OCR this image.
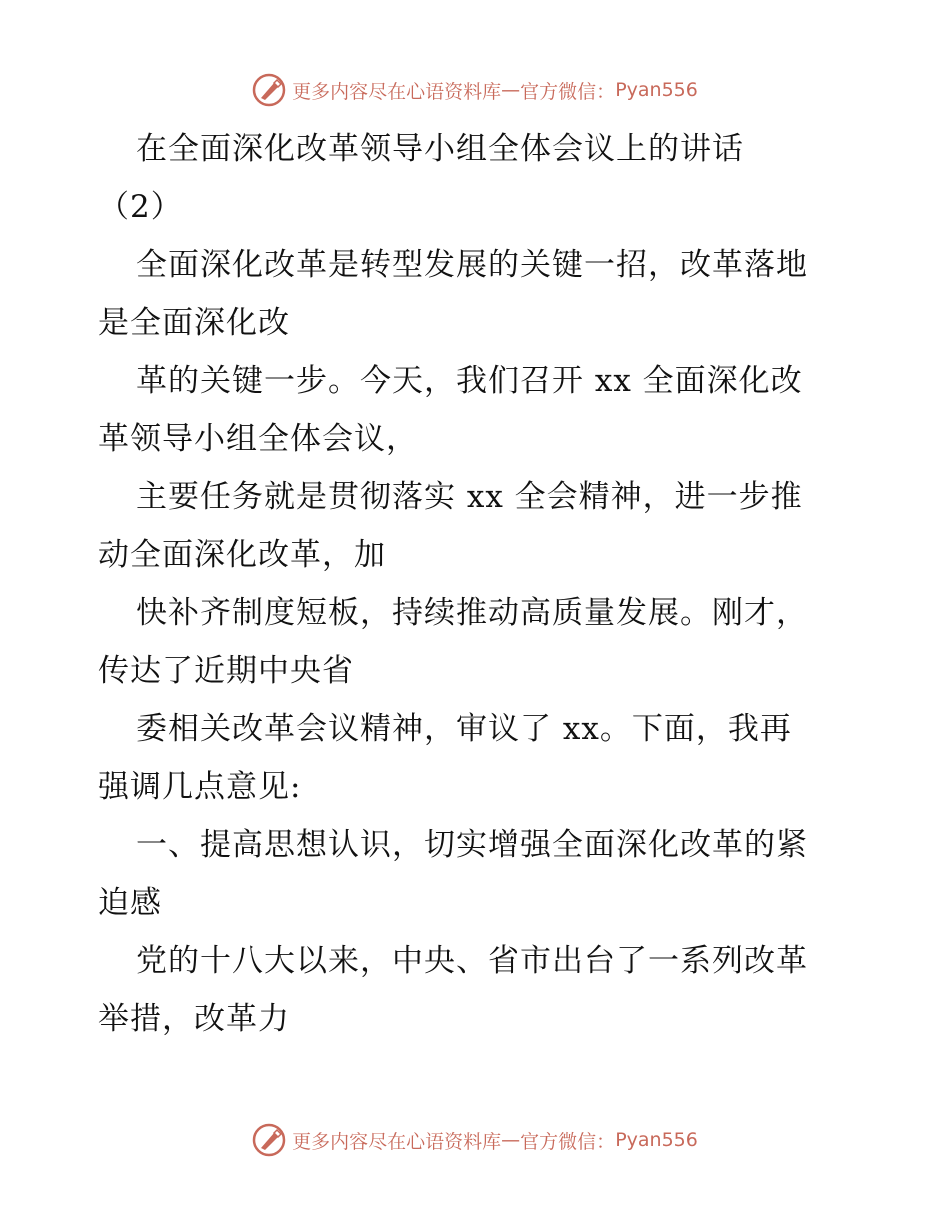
更多内容尽在心语资料库 — 官方微信： Pyan556
在全面深化改革领导小组全体会议上的讲话
（2）
全面深化改革是转型发展的关键一招，改革落地
是全面深化改
革的关键一步。今天，我们召开 xx 全面深化改
革领导小组全体会议，
主要任务就是贯彻落实 xx 全会精神，进一步推
动全面深化改革，加
快补齐制度短板，持续推动高质量发展。刚才，
传达了近期中央省
委相关改革会议精神，审议了 xx。下面，我再
强调几点意见:
一、提高思想认识，切实增强全面深化改革的紧
迫感
党的十八大以来，中央、省市出台了一系列改革
举措，改革力
更多内容尽在心语资料库 — 官方微信： Pyan556
